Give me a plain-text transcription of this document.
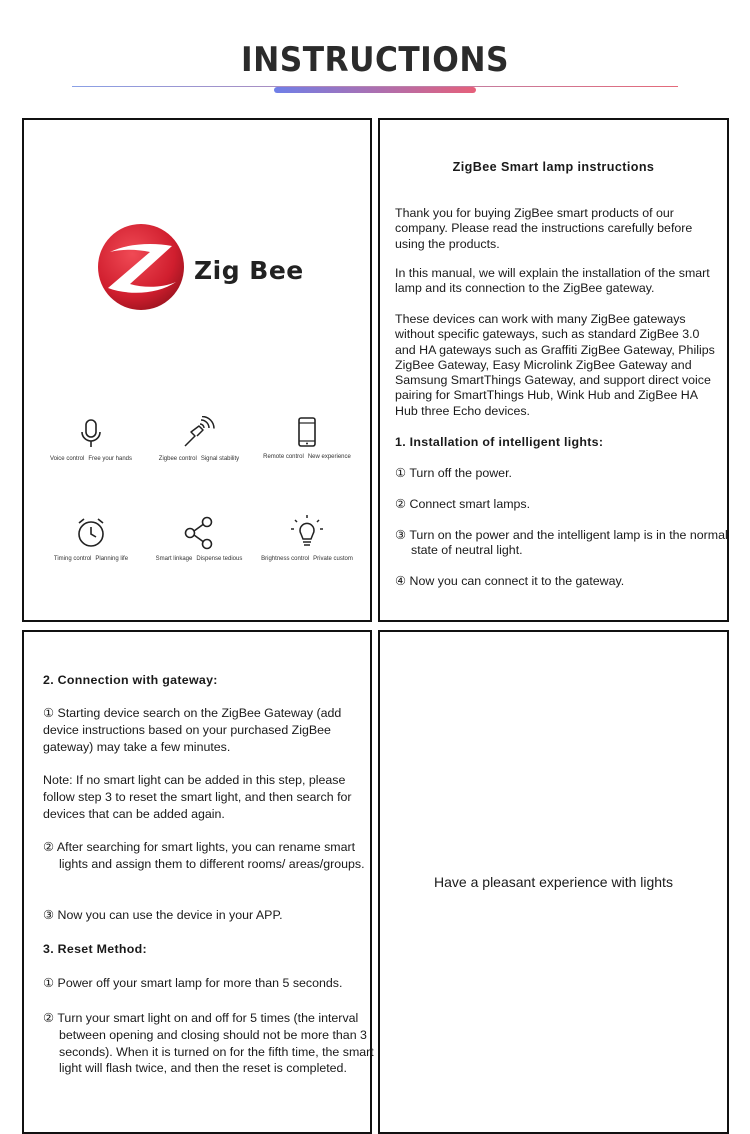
INSTRUCTIONS
Zig Bee
Voice control Free your hands	Zigbee control Signal stability	Remote control New experience
Timing control Planning life	Smart linkage Dispense tedious	Brightness control Private custom
ZigBee Smart lamp instructions
Thank you for buying ZigBee smart products of our company. Please read the instructions carefully before using the products.
In this manual, we will explain the installation of the smart lamp and its connection to the ZigBee gateway.
These devices can work with many ZigBee gateways without specific gateways, such as standard ZigBee 3.0 and HA gateways such as Graffiti ZigBee Gateway, Philips ZigBee Gateway, Easy Microlink ZigBee Gateway and Samsung SmartThings Gateway, and support direct voice pairing for SmartThings Hub, Wink Hub and ZigBee HA Hub three Echo devices.
1. Installation of intelligent lights:
① Turn off the power.
② Connect smart lamps.
③ Turn on the power and the intelligent lamp is in the normal state of neutral light.
④ Now you can connect it to the gateway.
2. Connection with gateway:
① Starting device search on the ZigBee Gateway (add device instructions based on your purchased ZigBee gateway) may take a few minutes.
Note: If no smart light can be added in this step, please follow step 3 to reset the smart light, and then search for devices that can be added again.
② After searching for smart lights, you can rename smart lights and assign them to different rooms/ areas/groups.
③ Now you can use the device in your APP.
3. Reset Method:
① Power off your smart lamp for more than 5 seconds.
② Turn your smart light on and off for 5 times (the interval between opening and closing should not be more than 3 seconds). When it is turned on for the fifth time, the smart light will flash twice, and then the reset is completed.
Have a pleasant experience with lights
